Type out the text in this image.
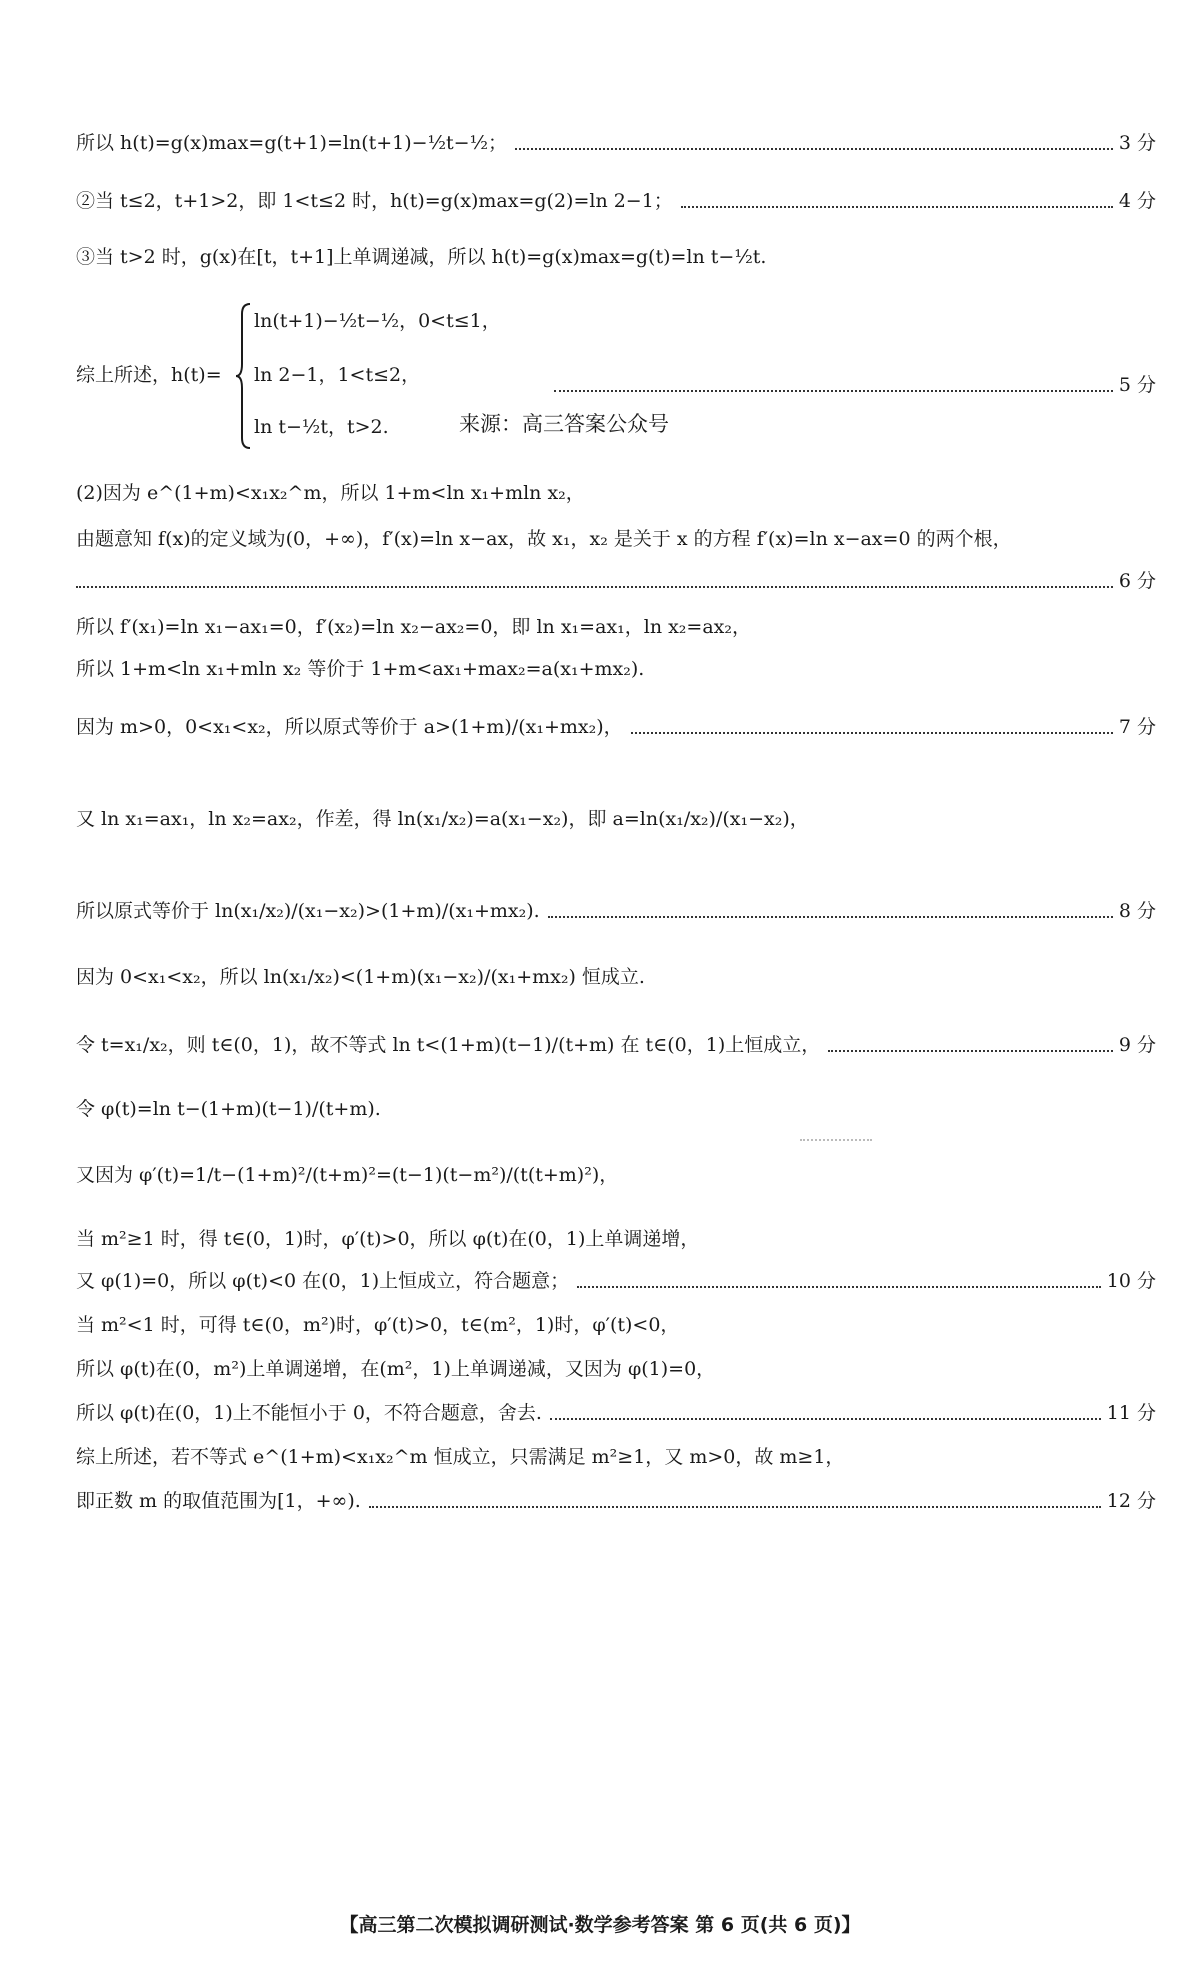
所以 h(t)=g(x)max=g(t+1)=ln(t+1)−½t−½；	3 分
②当 t≤2，t+1>2，即 1<t≤2 时，h(t)=g(x)max=g(2)=ln 2−1；	4 分
③当 t>2 时，g(x)在[t，t+1]上单调递减，所以 h(t)=g(x)max=g(t)=ln t−½t.
综上所述，h(t)=
ln(t+1)−½t−½，0<t≤1，
ln 2−1，1<t≤2，
ln t−½t，t>2.	来源：高三答案公众号
5 分
(2)因为 e^(1+m)<x₁x₂^m，所以 1+m<ln x₁+mln x₂，
由题意知 f(x)的定义域为(0，+∞)，f′(x)=ln x−ax，故 x₁，x₂ 是关于 x 的方程 f′(x)=ln x−ax=0 的两个根，
6 分
所以 f′(x₁)=ln x₁−ax₁=0，f′(x₂)=ln x₂−ax₂=0，即 ln x₁=ax₁，ln x₂=ax₂，
所以 1+m<ln x₁+mln x₂ 等价于 1+m<ax₁+max₂=a(x₁+mx₂).
因为 m>0，0<x₁<x₂，所以原式等价于 a>(1+m)/(x₁+mx₂)，	7 分
又 ln x₁=ax₁，ln x₂=ax₂，作差，得 ln(x₁/x₂)=a(x₁−x₂)，即 a=ln(x₁/x₂)/(x₁−x₂)，
所以原式等价于 ln(x₁/x₂)/(x₁−x₂)>(1+m)/(x₁+mx₂).	8 分
因为 0<x₁<x₂，所以 ln(x₁/x₂)<(1+m)(x₁−x₂)/(x₁+mx₂) 恒成立.
令 t=x₁/x₂，则 t∈(0，1)，故不等式 ln t<(1+m)(t−1)/(t+m) 在 t∈(0，1)上恒成立，	9 分
令 φ(t)=ln t−(1+m)(t−1)/(t+m).
又因为 φ′(t)=1/t−(1+m)²/(t+m)²=(t−1)(t−m²)/(t(t+m)²)，
当 m²≥1 时，得 t∈(0，1)时，φ′(t)>0，所以 φ(t)在(0，1)上单调递增，
又 φ(1)=0，所以 φ(t)<0 在(0，1)上恒成立，符合题意；	10 分
当 m²<1 时，可得 t∈(0，m²)时，φ′(t)>0，t∈(m²，1)时，φ′(t)<0，
所以 φ(t)在(0，m²)上单调递增，在(m²，1)上单调递减，又因为 φ(1)=0，
所以 φ(t)在(0，1)上不能恒小于 0，不符合题意，舍去.	11 分
综上所述，若不等式 e^(1+m)<x₁x₂^m 恒成立，只需满足 m²≥1，又 m>0，故 m≥1，
即正数 m 的取值范围为[1，+∞).	12 分
【高三第二次模拟调研测试·数学参考答案 第 6 页(共 6 页)】
